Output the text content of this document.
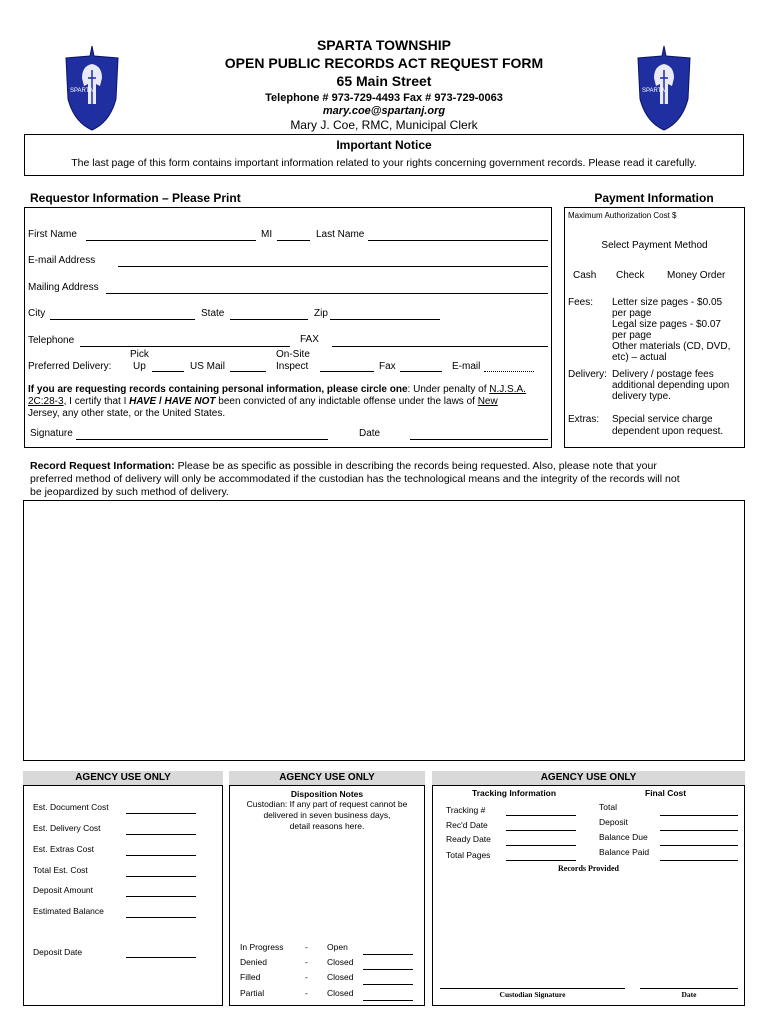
SPARTA	SPARTA
SPARTA TOWNSHIP
OPEN PUBLIC RECORDS ACT REQUEST FORM
65 Main Street
Telephone # 973-729-4493 Fax # 973-729-0063
mary.coe@spartanj.org
Mary J. Coe, RMC, Municipal Clerk
Important Notice
The last page of this form contains important information related to your rights concerning government records. Please read it carefully.
Requestor Information – Please Print
First Name	MI	Last Name
E-mail Address
Mailing Address
City	State	Zip
Telephone	FAX
Pick	On-Site
Preferred Delivery: Up	US Mail	Inspect	Fax	E-mail
If you are requesting records containing personal information, please circle one: Under penalty of N.J.S.A.
2C:28-3, I certify that I HAVE / HAVE NOT been convicted of any indictable offense under the laws of New
Jersey, any other state, or the United States.
Signature	Date
Payment Information
Maximum Authorization Cost $
Select Payment Method
Cash Check Money Order
Fees: Letter size pages - $0.05
per page
Legal size pages - $0.07
per page
Other materials (CD, DVD,
etc) – actual
Delivery: Delivery / postage fees
additional depending upon
delivery type.
Extras: Special service charge
dependent upon request.
Record Request Information: Please be as specific as possible in describing the records being requested. Also, please note that your
preferred method of delivery will only be accommodated if the custodian has the technological means and the integrity of the records will not
be jeopardized by such method of delivery.
AGENCY USE ONLY
Est. Document Cost
Est. Delivery Cost
Est. Extras Cost
Total Est. Cost
Deposit Amount
Estimated Balance
Deposit Date
AGENCY USE ONLY
Disposition Notes
Custodian: If any part of request cannot be
delivered in seven business days,
detail reasons here.
In Progress	- Open
Denied	- Closed
Filled	- Closed
Partial	- Closed
AGENCY USE ONLY
Tracking Information	Final Cost
Tracking #
Rec'd Date
Ready Date
Total Pages
Total
Deposit
Balance Due
Balance Paid
Records Provided
Custodian Signature	Date
